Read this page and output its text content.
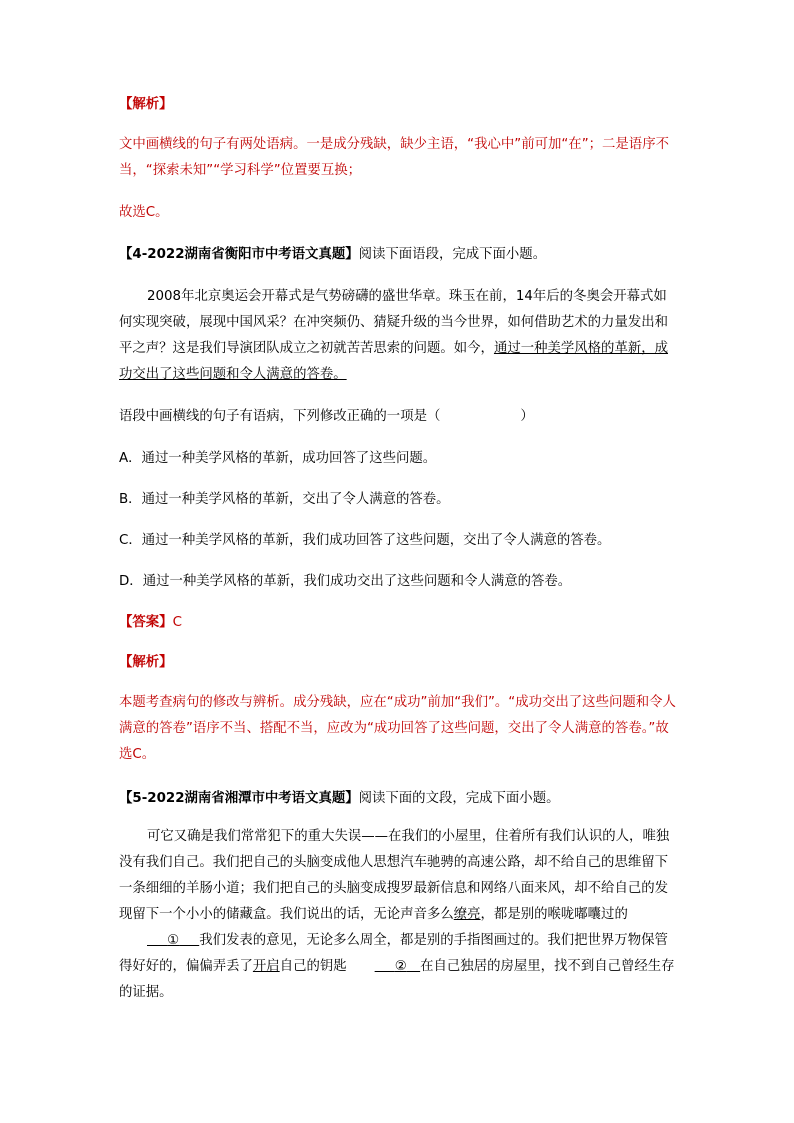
【解析】

文中画横线的句子有两处语病。一是成分残缺，缺少主语，“我心中”前可加“在”；二是语序不当，“探索未知”“学习科学”位置要互换；

故选C。

【4-2022湖南省衡阳市中考语文真题】阅读下面语段，完成下面小题。

2008年北京奥运会开幕式是气势磅礴的盛世华章。珠玉在前，14年后的冬奥会开幕式如何实现突破，展现中国风采？在冲突频仍、猜疑升级的当今世界，如何借助艺术的力量发出和平之声？这是我们导演团队成立之初就苦苦思索的问题。如今，通过一种美学风格的革新，成功交出了这些问题和令人满意的答卷。

语段中画横线的句子有语病，下列修改正确的一项是（	）

A．通过一种美学风格的革新，成功回答了这些问题。

B．通过一种美学风格的革新，交出了令人满意的答卷。

C．通过一种美学风格的革新，我们成功回答了这些问题，交出了令人满意的答卷。

D．通过一种美学风格的革新，我们成功交出了这些问题和令人满意的答卷。

【答案】C

【解析】

本题考查病句的修改与辨析。成分残缺，应在“成功”前加“我们”。“成功交出了这些问题和令人满意的答卷”语序不当、搭配不当，应改为“成功回答了这些问题，交出了令人满意的答卷。”故选C。

【5-2022湖南省湘潭市中考语文真题】阅读下面的文段，完成下面小题。

可它又确是我们常常犯下的重大失误——在我们的小屋里，住着所有我们认识的人，唯独没有我们自己。我们把自己的头脑变成他人思想汽车驰骋的高速公路，却不给自己的思维留下一条细细的羊肠小道；我们把自己的头脑变成搜罗最新信息和网络八面来风，却不给自己的发现留下一个小小的储藏盒。我们说出的话，无论声音多么缭亮，都是别的喉咙嘟囔过的   ①    我们发表的意见，无论多么周全，都是别的手指图画过的。我们把世界万物保管得好好的，偏偏弄丢了开启自己的钥匙   	②   在自己独居的房屋里，找不到自己曾经生存的证据。
